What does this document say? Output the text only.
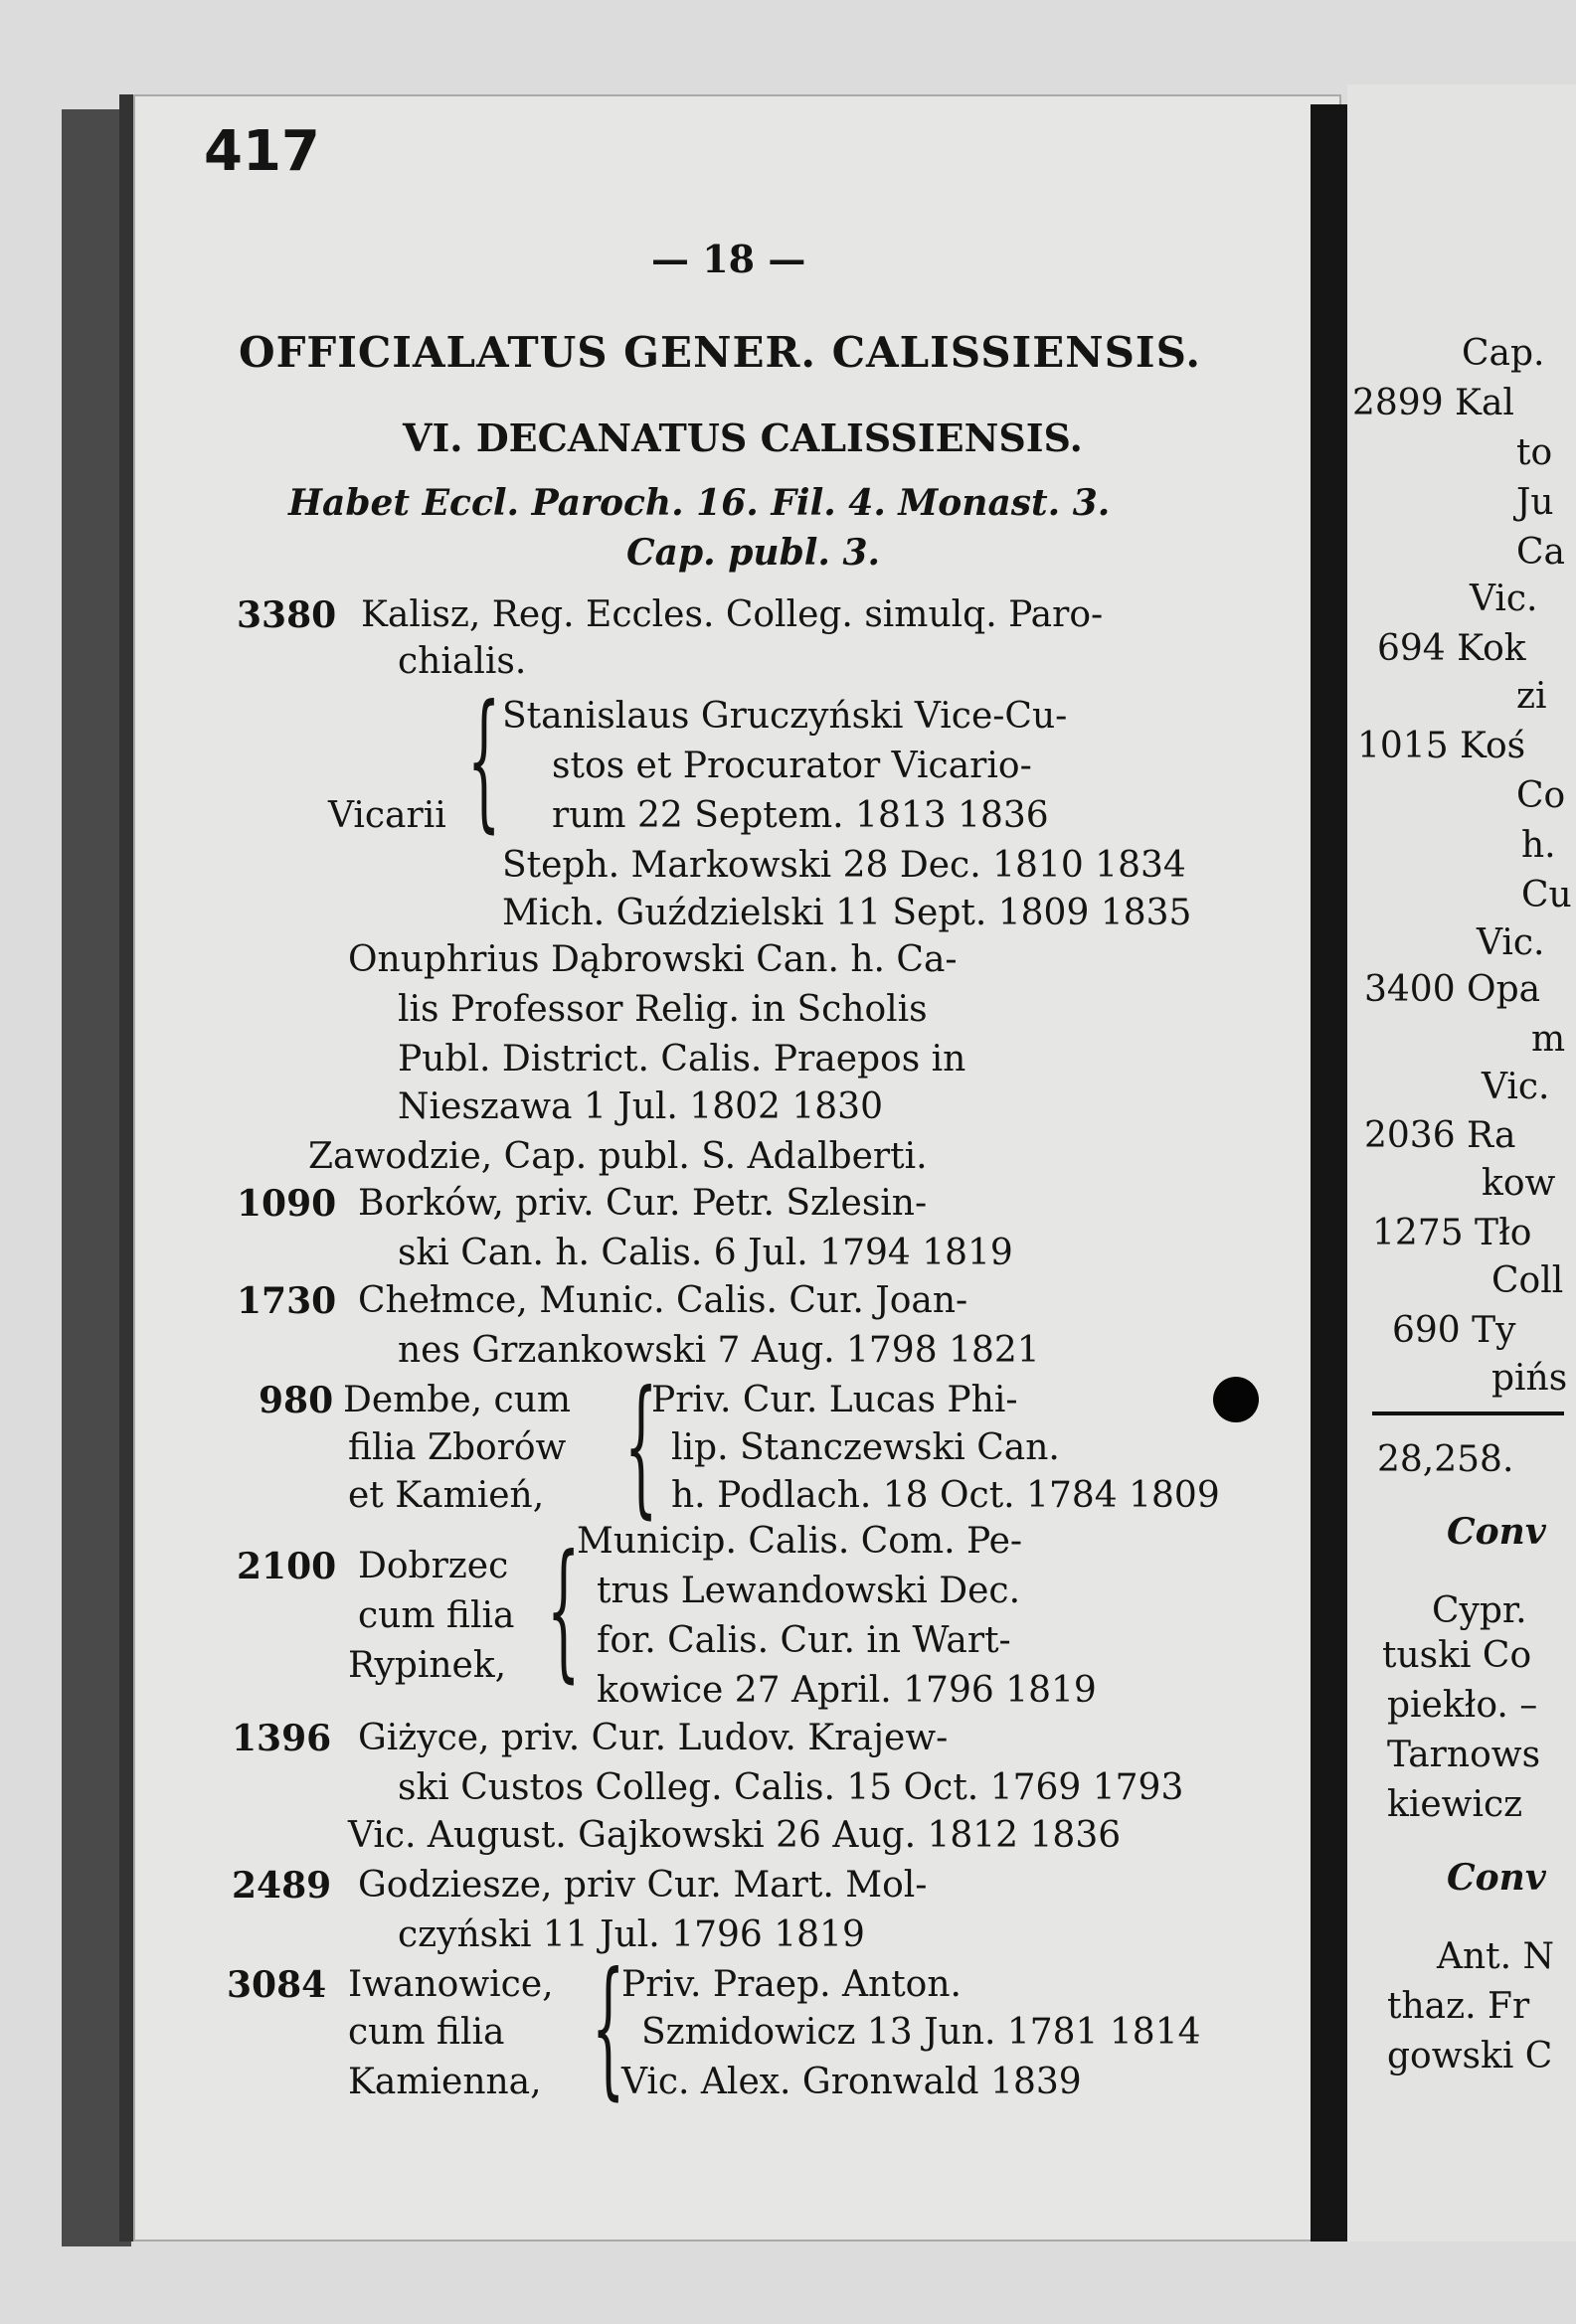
417
— 18 —
OFFICIALATUS GENER. CALISSIENSIS.
VI. DECANATUS CALISSIENSIS.
Habet Eccl. Paroch. 16. Fil. 4. Monast. 3.
Cap. publ. 3.
3380 Kalisz, Reg. Eccles. Colleg. simulq. Paro-
chialis.
{ Stanislaus Gruczyński Vice-Cu-
stos et Procurator Vicario-
rum 22 Septem. 1813 1836
Steph. Markowski 28 Dec. 1810 1834
Mich. Guździelski 11 Sept. 1809 1835
Vicarii
Onuphrius Dąbrowski Can. h. Ca-
lis Professor Relig. in Scholis
Publ. District. Calis. Praepos in
Nieszawa 1 Jul. 1802 1830
Zawodzie, Cap. publ. S. Adalberti.
1090 Borków, priv. Cur. Petr. Szlesin-
ski Can. h. Calis. 6 Jul. 1794 1819
1730 Chełmce, Munic. Calis. Cur. Joan-
nes Grzankowski 7 Aug. 1798 1821
980 Dembe, cum
filia Zborów
et Kamień, {
Priv. Cur. Lucas Phi-
lip. Stanczewski Can.
h. Podlach. 18 Oct. 1784 1809
2100 Dobrzec
cum filia
Rypinek, {
Municip. Calis. Com. Pe-
trus Lewandowski Dec.
for. Calis. Cur. in Wart-
kowice 27 April. 1796 1819
1396 Giżyce, priv. Cur. Ludov. Krajew-
ski Custos Colleg. Calis. 15 Oct. 1769 1793
Vic. August. Gajkowski 26 Aug. 1812 1836
2489 Godziesze, priv Cur. Mart. Mol-
czyński 11 Jul. 1796 1819
3084 Iwanowice,
cum filia
Kamienna, {
Priv. Praep. Anton.
Szmidowicz 13 Jun. 1781 1814
Vic. Alex. Gronwald 1839
Cap.
2899 Kal
to
Ju
Ca
Vic.
694 Kok
zi
1015 Koś
Co
h.
Cu
Vic.
3400 Opa
m
Vic.
2036 Ra
kow
1275 Tło
Coll
690 Ty
pińs
28,258.
Conv
Cypr.
tuski Co
piekło. –
Tarnows
kiewicz
Conv
Ant. N
thaz. Fr
gowski C
